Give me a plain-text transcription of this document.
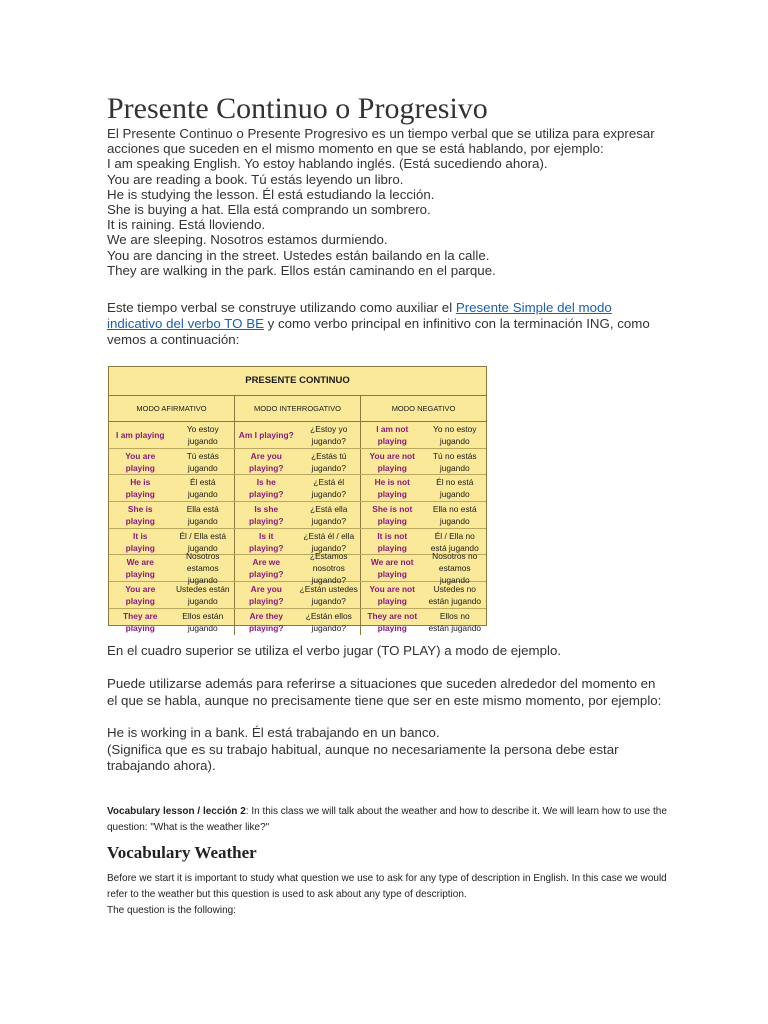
Presente Continuo o Progresivo
El Presente Continuo o Presente Progresivo es un tiempo verbal que se utiliza para expresar acciones que suceden en el mismo momento en que se está hablando, por ejemplo:
I am speaking English. Yo estoy hablando inglés. (Está sucediendo ahora).
You are reading a book. Tú estás leyendo un libro.
He is studying the lesson. Él está estudiando la lección.
She is buying a hat. Ella está comprando un sombrero.
It is raining. Está lloviendo.
We are sleeping. Nosotros estamos durmiendo.
You are dancing in the street. Ustedes están bailando en la calle.
They are walking in the park. Ellos están caminando en el parque.
Este tiempo verbal se construye utilizando como auxiliar el Presente Simple del modo indicativo del verbo TO BE y como verbo principal en infinitivo con la terminación ING, como vemos a continuación:
PRESENTE CONTINUO
MODO AFIRMATIVO	MODO INTERROGATIVO	MODO NEGATIVO
I am playing
Yo estoy
jugando
Am I playing?
¿Estoy yo
jugando?
I am not
playing
Yo no estoy
jugando
You are
playing
Tú estás
jugando
Are you
playing?
¿Estás tú
jugando?
You are not
playing
Tú no estás
jugando
He is
playing
Él está
jugando
Is he
playing?
¿Está él
jugando?
He is not
playing
Él no está
jugando
She is
playing
Ella está
jugando
Is she
playing?
¿Está ella
jugando?
She is not
playing
Ella no está
jugando
It is
playing
Él / Ella está
jugando
Is it
playing?
¿Está él / ella
jugando?
It is not
playing
Él / Ella no
está jugando
We are
playing
Nosotros estamos
jugando
Are we
playing?
¿Estamos nosotros
jugando?
We are not
playing
Nosotros no
estamos jugando
You are
playing
Ustedes están
jugando
Are you
playing?
¿Están ustedes
jugando?
You are not
playing
Ustedes no
están jugando
They are
playing
Ellos están
jugando
Are they
playing?
¿Están ellos
jugando?
They are not
playing
Ellos no
están jugando
En el cuadro superior se utiliza el verbo jugar (TO PLAY) a modo de ejemplo.
Puede utilizarse además para referirse a situaciones que suceden alrededor del momento en el que se habla, aunque no precisamente tiene que ser en este mismo momento, por ejemplo:
He is working in a bank. Él está trabajando en un banco.
(Significa que es su trabajo habitual, aunque no necesariamente la persona debe estar trabajando ahora).
Vocabulary lesson / lección 2: In this class we will talk about the weather and how to describe it. We will learn how to use the question: "What is the weather like?"
Vocabulary Weather
Before we start it is important to study what question we use to ask for any type of description in English. In this case we would refer to the weather but this question is used to ask about any type of description.
The question is the following:
